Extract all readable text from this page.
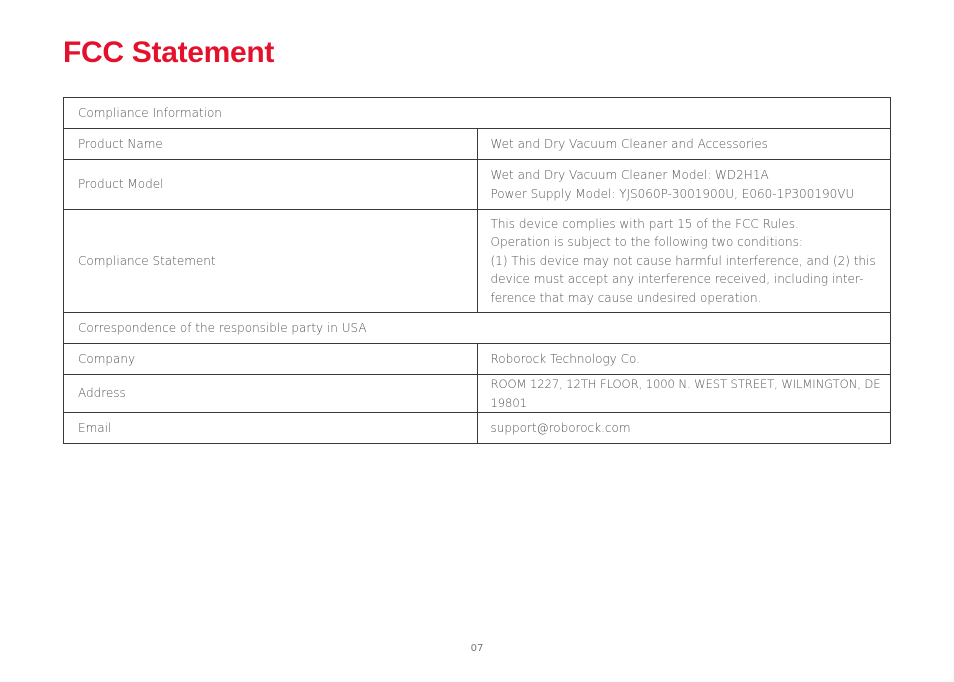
FCC Statement
Compliance Information	
Product Name	Wet and Dry Vacuum Cleaner and Accessories
Product Model	Wet and Dry Vacuum Cleaner Model: WD2H1A
Power Supply Model: YJS060P-3001900U, E060-1P300190VU
Compliance Statement	This device complies with part 15 of the FCC Rules.
Operation is subject to the following two conditions:
(1) This device may not cause harmful interference, and (2) this device must accept any interference received, including inter-ference that may cause undesired operation.
Correspondence of the responsible party in USA	
Company	Roborock Technology Co.
Address	ROOM 1227, 12TH FLOOR, 1000 N. WEST STREET, WILMINGTON, DE 19801
Email	support@roborock.com
07
